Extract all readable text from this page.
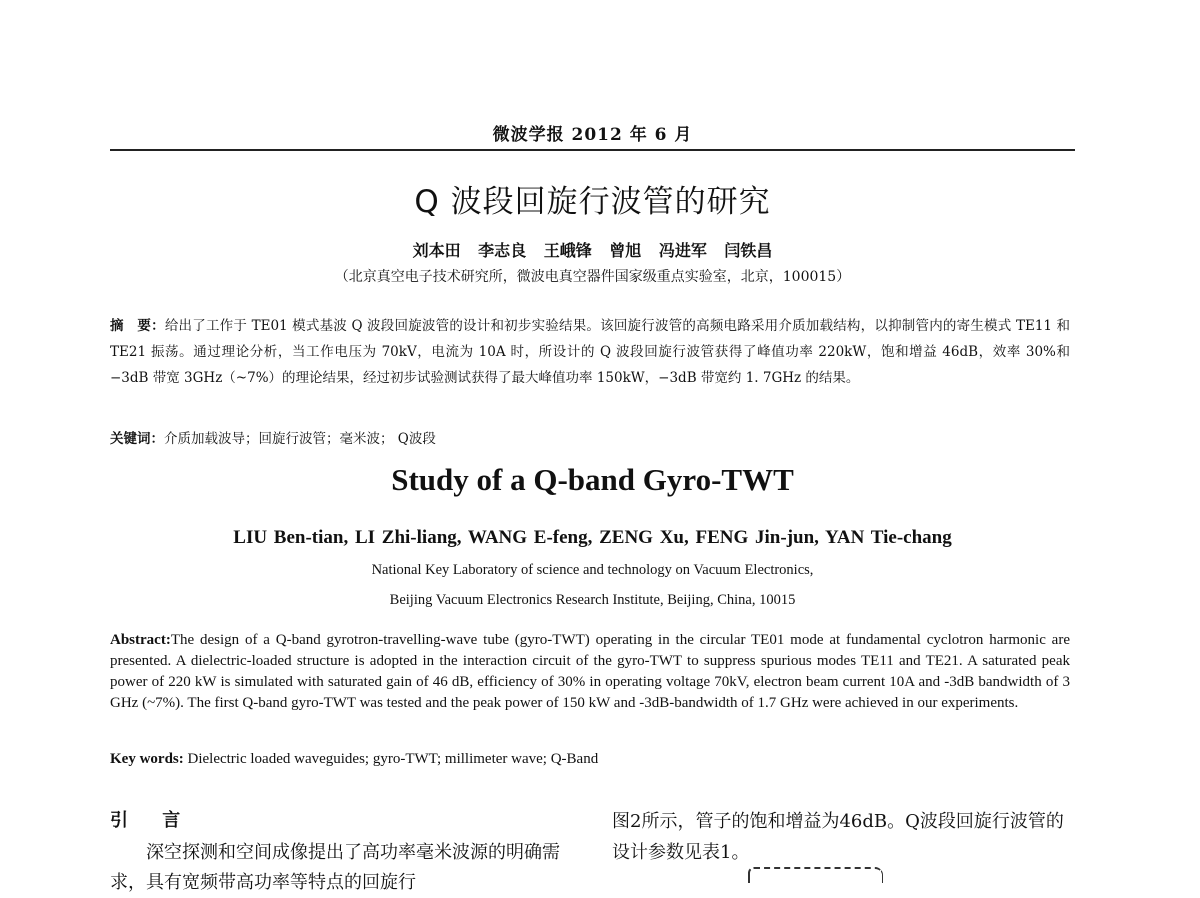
微波学报 2012 年 6 月
Q 波段回旋行波管的研究
刘本田 李志良 王峨锋 曾旭 冯进军 闫铁昌
（北京真空电子技术研究所，微波电真空器件国家级重点实验室，北京，100015）
摘　要：给出了工作于 TE01 模式基波 Q 波段回旋波管的设计和初步实验结果。该回旋行波管的高频电路采用介质加载结构，以抑制管内的寄生模式 TE11 和 TE21 振荡。通过理论分析，当工作电压为 70kV，电流为 10A 时，所设计的 Q 波段回旋行波管获得了峰值功率 220kW，饱和增益 46dB，效率 30%和−3dB 带宽 3GHz（~7%）的理论结果，经过初步试验测试获得了最大峰值功率 150kW，−3dB 带宽约 1. 7GHz 的结果。
关键词：介质加载波导；回旋行波管；毫米波； Q波段
Study of a Q-band Gyro-TWT
LIU Ben-tian, LI Zhi-liang, WANG E-feng, ZENG Xu, FENG Jin-jun, YAN Tie-chang
National Key Laboratory of science and technology on Vacuum Electronics,
Beijing Vacuum Electronics Research Institute, Beijing, China, 10015
Abstract:The design of a Q-band gyrotron-travelling-wave tube (gyro-TWT) operating in the circular TE01 mode at fundamental cyclotron harmonic are presented. A dielectric-loaded structure is adopted in the interaction circuit of the gyro-TWT to suppress spurious modes TE11 and TE21. A saturated peak power of 220 kW is simulated with saturated gain of 46 dB, efficiency of 30% in operating voltage 70kV, electron beam current 10A and -3dB bandwidth of 3 GHz (~7%). The first Q-band gyro-TWT was tested and the peak power of 150 kW and -3dB-bandwidth of 1.7 GHz were achieved in our experiments.
Key words: Dielectric loaded waveguides; gyro-TWT; millimeter wave; Q-Band
引 言
深空探测和空间成像提出了高功率毫米波源的明确需求，具有宽频带高功率等特点的回旋行
图2所示，管子的饱和增益为46dB。Q波段回旋行波管的设计参数见表1。
